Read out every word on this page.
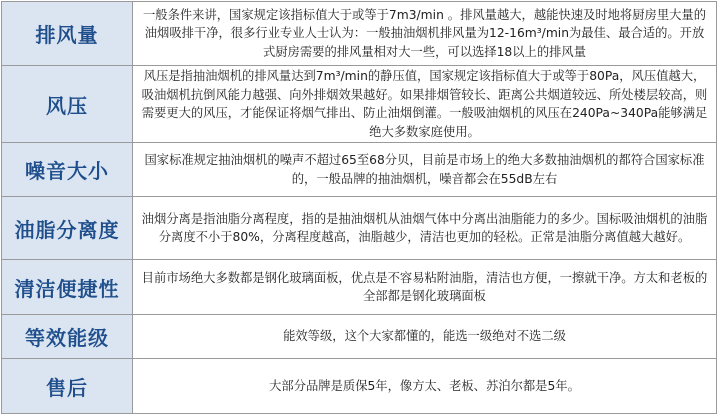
排风量	一般条件来讲，国家规定该指标值大于或等于7m3/min 。排风量越大，越能快速及时地将厨房里大量的油烟吸排干净，很多行业专业人士认为：一般抽油烟机排风量为12-16m³/min为最佳、最合适的。开放式厨房需要的排风量相对大一些，可以选择18以上的排风量
风压	风压是指抽油烟机的排风量达到7m³/min的静压值，国家规定该指标值大于或等于80Pa，风压值越大，吸油烟机抗倒风能力越强、向外排烟效果越好。如果排烟管较长、距离公共烟道较远、所处楼层较高，则需要更大的风压，才能保证将烟气排出、防止油烟倒灌。一般吸油烟机的风压在240Pa~340Pa能够满足绝大多数家庭使用。
噪音大小	国家标准规定抽油烟机的噪声不超过65至68分贝，目前是市场上的绝大多数抽油烟机的都符合国家标准的，一般品牌的抽油烟机，噪音都会在55dB左右
油脂分离度	油烟分离是指油脂分离程度，指的是抽油烟机从油烟气体中分离出油脂能力的多少。国标吸油烟机的油脂分离度不小于80%，分离程度越高，油脂越少，清洁也更加的轻松。正常是油脂分离值越大越好。
清洁便捷性	目前市场绝大多数都是钢化玻璃面板，优点是不容易粘附油脂，清洁也方便，一擦就干净。方太和老板的全部都是钢化玻璃面板
等效能级	能效等级，这个大家都懂的，能选一级绝对不选二级
售后	大部分品牌是质保5年，像方太、老板、苏泊尔都是5年。
